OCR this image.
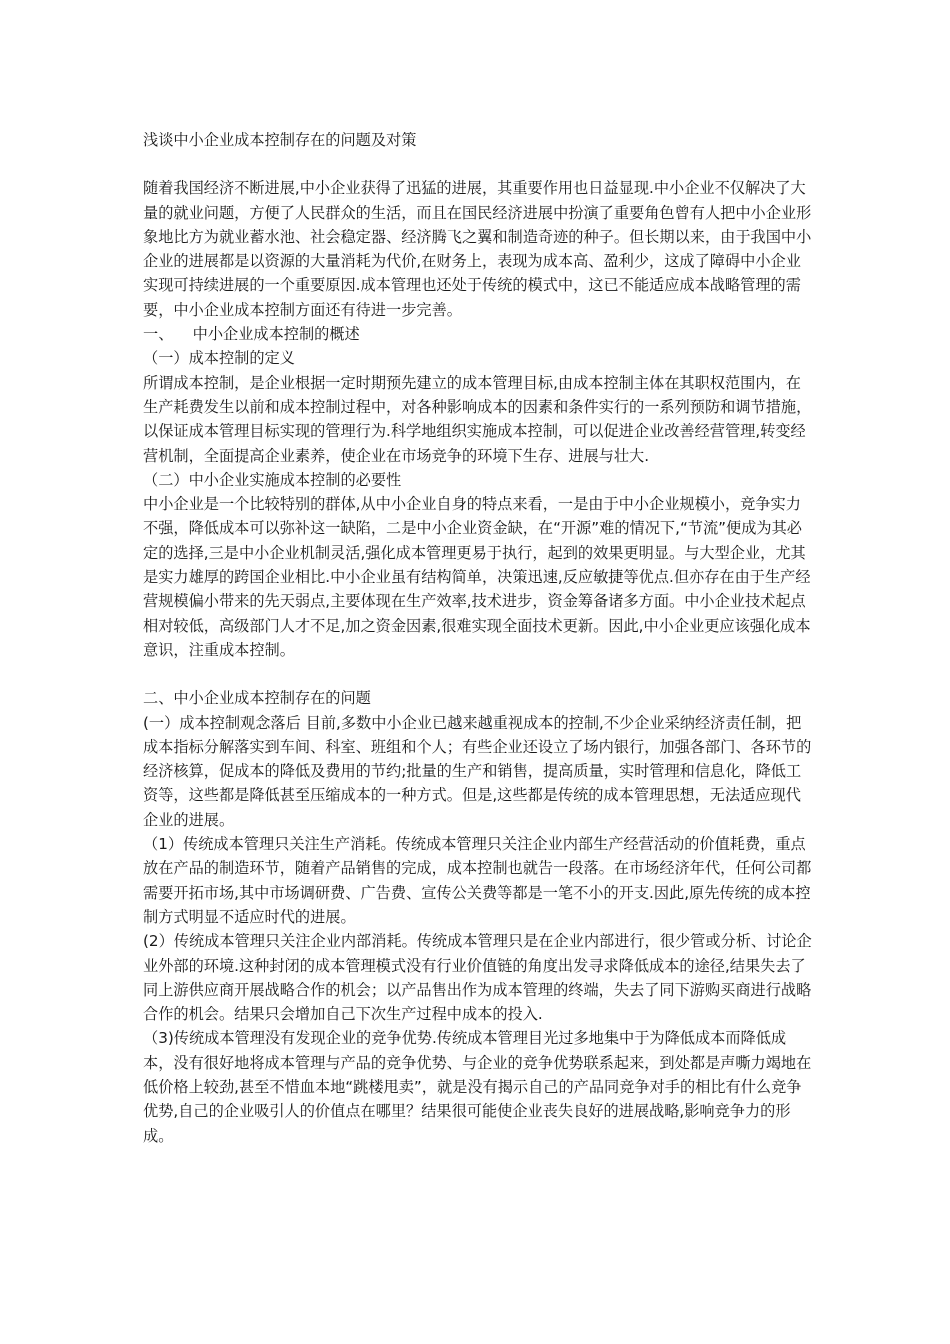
浅谈中小企业成本控制存在的问题及对策

随着我国经济不断进展,中小企业获得了迅猛的进展，其重要作用也日益显现.中小企业不仅解决了大量的就业问题，方便了人民群众的生活，而且在国民经济进展中扮演了重要角色曾有人把中小企业形象地比方为就业蓄水池、社会稳定器、经济腾飞之翼和制造奇迹的种子。但长期以来，由于我国中小企业的进展都是以资源的大量消耗为代价,在财务上，表现为成本高、盈利少，这成了障碍中小企业实现可持续进展的一个重要原因.成本管理也还处于传统的模式中，这已不能适应成本战略管理的需要，中小企业成本控制方面还有待进一步完善。

一、    中小企业成本控制的概述

（一）成本控制的定义

所谓成本控制，是企业根据一定时期预先建立的成本管理目标,由成本控制主体在其职权范围内，在生产耗费发生以前和成本控制过程中，对各种影响成本的因素和条件实行的一系列预防和调节措施，以保证成本管理目标实现的管理行为.科学地组织实施成本控制，可以促进企业改善经营管理,转变经营机制，全面提高企业素养，使企业在市场竞争的环境下生存、进展与壮大.

（二）中小企业实施成本控制的必要性

中小企业是一个比较特别的群体,从中小企业自身的特点来看，一是由于中小企业规模小，竞争实力不强，降低成本可以弥补这一缺陷，二是中小企业资金缺，在“开源”难的情况下,“节流”便成为其必定的选择,三是中小企业机制灵活,强化成本管理更易于执行，起到的效果更明显。与大型企业，尤其是实力雄厚的跨国企业相比.中小企业虽有结构简单，决策迅速,反应敏捷等优点.但亦存在由于生产经营规模偏小带来的先天弱点,主要体现在生产效率,技术进步，资金筹备诸多方面。中小企业技术起点相对较低，高级部门人才不足,加之资金因素,很难实现全面技术更新。因此,中小企业更应该强化成本意识，注重成本控制。

二、中小企业成本控制存在的问题

(一）成本控制观念落后 目前,多数中小企业已越来越重视成本的控制,不少企业采纳经济责任制，把成本指标分解落实到车间、科室、班组和个人；有些企业还设立了场内银行，加强各部门、各环节的经济核算，促成本的降低及费用的节约;批量的生产和销售，提高质量，实时管理和信息化，降低工资等，这些都是降低甚至压缩成本的一种方式。但是,这些都是传统的成本管理思想，无法适应现代企业的进展。

（1）传统成本管理只关注生产消耗。传统成本管理只关注企业内部生产经营活动的价值耗费，重点放在产品的制造环节，随着产品销售的完成，成本控制也就告一段落。在市场经济年代，任何公司都需要开拓市场,其中市场调研费、广告费、宣传公关费等都是一笔不小的开支.因此,原先传统的成本控制方式明显不适应时代的进展。

(2）传统成本管理只关注企业内部消耗。传统成本管理只是在企业内部进行，很少管或分析、讨论企业外部的环境.这种封闭的成本管理模式没有行业价值链的角度出发寻求降低成本的途径,结果失去了同上游供应商开展战略合作的机会；以产品售出作为成本管理的终端，失去了同下游购买商进行战略合作的机会。结果只会增加自己下次生产过程中成本的投入.

（3)传统成本管理没有发现企业的竞争优势.传统成本管理目光过多地集中于为降低成本而降低成本，没有很好地将成本管理与产品的竞争优势、与企业的竞争优势联系起来，到处都是声嘶力竭地在低价格上较劲,甚至不惜血本地“跳楼甩卖”，就是没有揭示自己的产品同竞争对手的相比有什么竞争优势,自己的企业吸引人的价值点在哪里？结果很可能使企业丧失良好的进展战略,影响竞争力的形成。
